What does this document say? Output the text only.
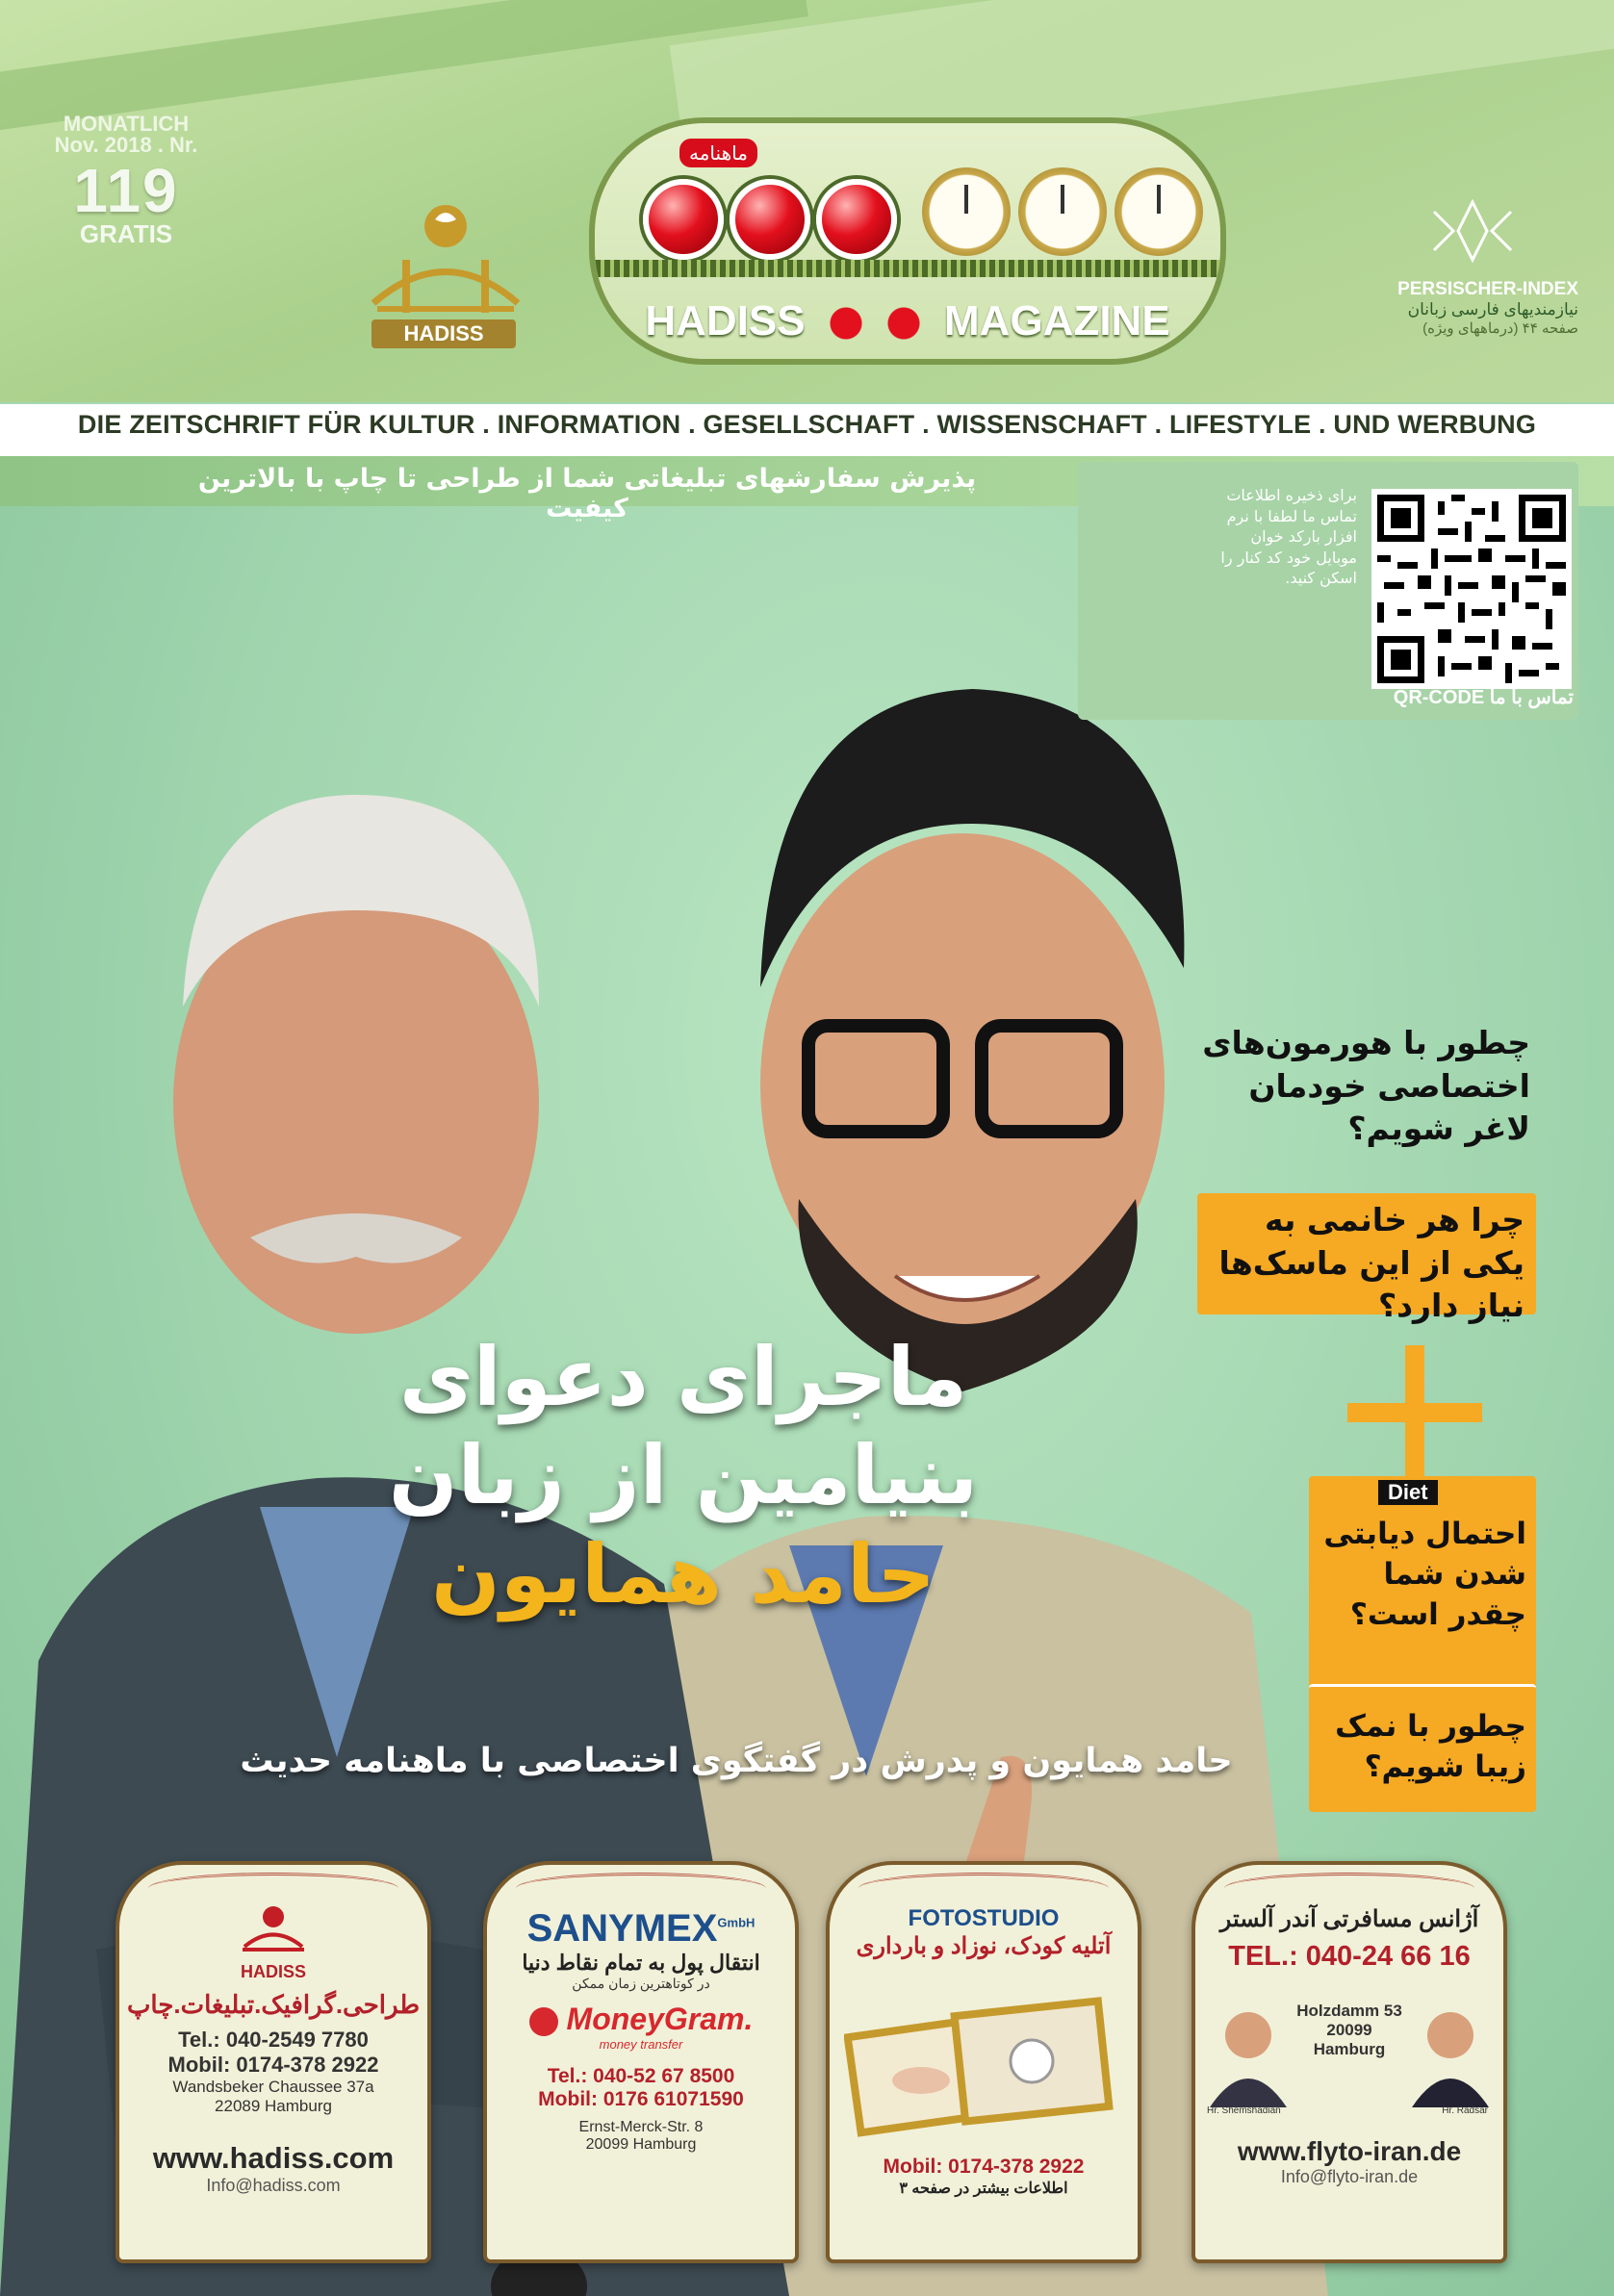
MONATLICH
Nov. 2018 . Nr.
119
GRATIS
HADISS
ماهنامه
HADISS	MAGAZINE
PERSISCHER-INDEX
نیازمندیهای فارسی زبانان
صفحه ۴۴ (درماههای ویژه)
DIE ZEITSCHRIFT FÜR KULTUR . INFORMATION . GESELLSCHAFT . WISSENSCHAFT . LIFESTYLE . UND WERBUNG
پذیرش سفارشهای تبلیغاتی شما از طراحی تا چاپ با بالاترین کیفیت	برای ذخیره اطلاعات تماس ما لطفا با نرم افزار بارکد خوان موبایل خود کد کنار را اسکن کنید.
QR-CODE تماس با ما
چطور با هورمون‌های اختصاصی خودمان لاغر شویم؟
چرا هر خانمی به یکی از این ماسک‌ها نیاز دارد؟
Diet
احتمال دیابتی شدن شما چقدر است؟
چطور با نمک زیبا شویم؟
ماجرای دعوای
بنیامین از زبان
حامد همایون
حامد همایون و پدرش در گفتگوی اختصاصی با ماهنامه حدیث
HADISS
طراحی.گرافیک.تبلیغات.چاپ
Tel.: 040-2549 7780
Mobil: 0174-378 2922
Wandsbeker Chaussee 37a
22089 Hamburg
www.hadiss.com
Info@hadiss.com
$SANYMEX^{GmbH}$
انتقال پول به تمام نقاط دنیا
در کوتاهترین زمان ممکن
MoneyGram.
money transfer
Tel.: 040-52 67 8500
Mobil: 0176 61071590
Ernst-Merck-Str. 8
20099 Hamburg
FOTOSTUDIO
آتلیه کودک، نوزاد و بارداری
Mobil: 0174-378 2922
اطلاعات بیشتر در صفحه ۳
آژانس مسافرتی آندر آلستر
TEL.: 040-24 66 16
Holzdamm 53
20099 Hamburg
Hr. Shemshadian	Hr. Radsar
www.flyto-iran.de
Info@flyto-iran.de
